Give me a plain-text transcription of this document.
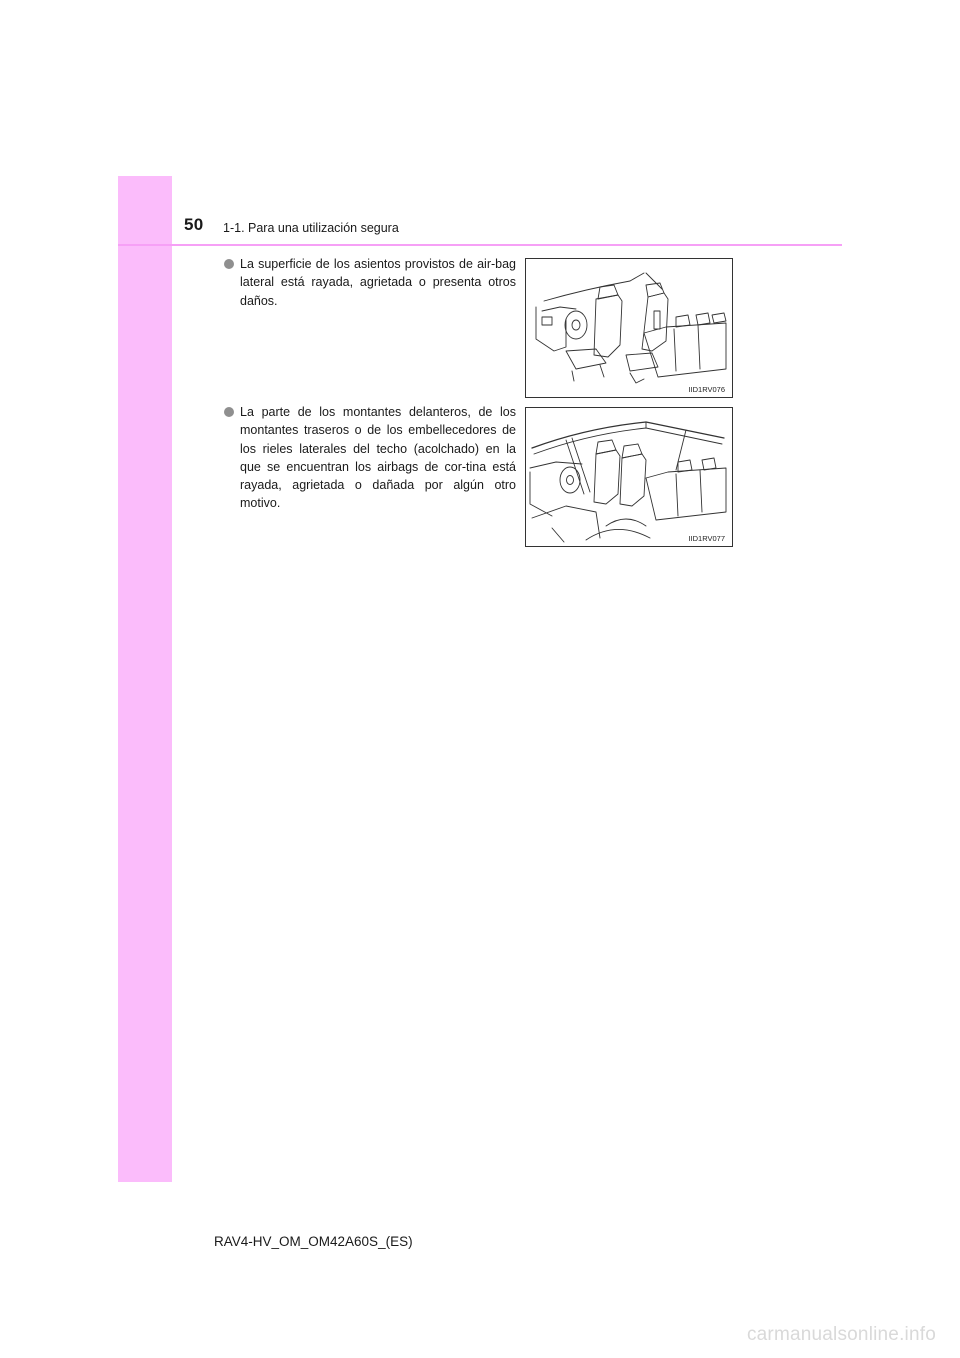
50 1-1. Para una utilización segura
La superficie de los asientos provistos de air-bag lateral está rayada, agrietada o presenta otros daños.
IID1RV076
La parte de los montantes delanteros, de los montantes traseros o de los embellecedores de los rieles laterales del techo (acolchado) en la que se encuentran los airbags de cor-tina está rayada, agrietada o dañada por algún otro motivo.
IID1RV077
RAV4-HV_OM_OM42A60S_(ES)
carmanualsonline.info
